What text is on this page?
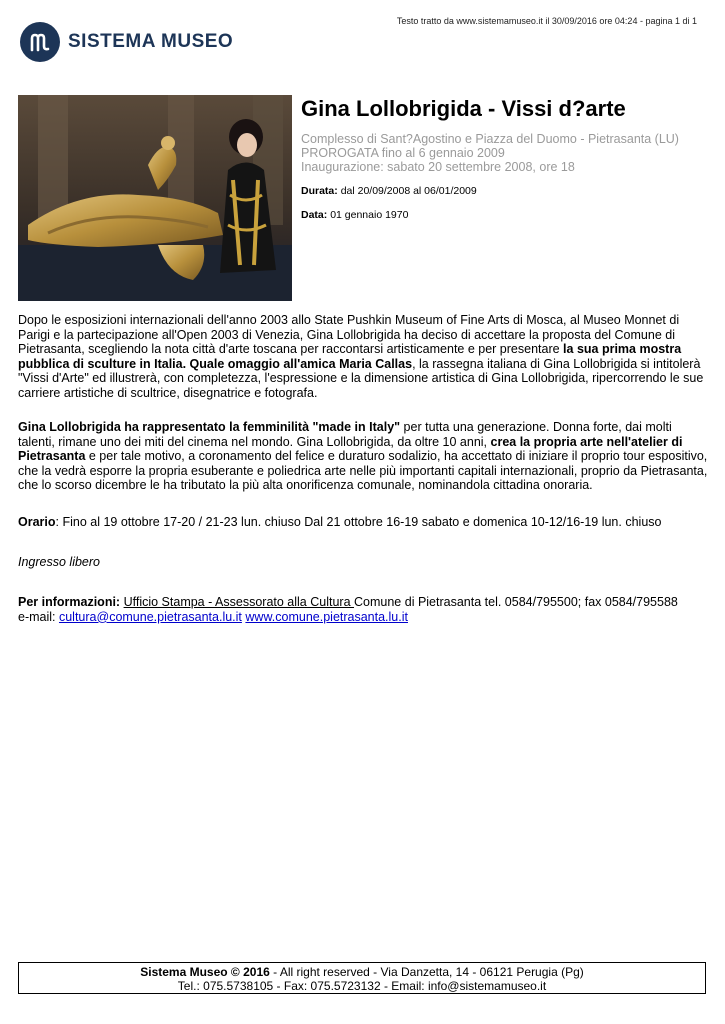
Testo tratto da www.sistemamuseo.it il 30/09/2016 ore 04:24 - pagina 1 di 1
SISTEMA MUSEO
Gina Lollobrigida - Vissi d?arte
Complesso di Sant?Agostino e Piazza del Duomo - Pietrasanta (LU)
PROROGATA fino al 6 gennaio 2009
Inaugurazione: sabato 20 settembre 2008, ore 18
Durata: dal 20/09/2008 al 06/01/2009
Data: 01 gennaio 1970

Dopo le esposizioni internazionali dell'anno 2003 allo State Pushkin Museum of Fine Arts di Mosca, al Museo Monnet di Parigi e la partecipazione all'Open 2003 di Venezia, Gina Lollobrigida ha deciso di accettare la proposta del Comune di Pietrasanta, scegliendo la nota città d'arte toscana per raccontarsi artisticamente e per presentare la sua prima mostra pubblica di sculture in Italia. Quale omaggio all'amica Maria Callas, la rassegna italiana di Gina Lollobrigida si intitolerà "Vissi d'Arte" ed illustrerà, con completezza, l'espressione e la dimensione artistica di Gina Lollobrigida, ripercorrendo le sue carriere artistiche di scultrice, disegnatrice e fotografa.

Gina Lollobrigida ha rappresentato la femminilità "made in Italy" per tutta una generazione. Donna forte, dai molti talenti, rimane uno dei miti del cinema nel mondo. Gina Lollobrigida, da oltre 10 anni, crea la propria arte nell'atelier di Pietrasanta e per tale motivo, a coronamento del felice e duraturo sodalizio, ha accettato di iniziare il proprio tour espositivo, che la vedrà esporre la propria esuberante e poliedrica arte nelle più importanti capitali internazionali, proprio da Pietrasanta, che lo scorso dicembre le ha tributato la più alta onorificenza comunale, nominandola cittadina onoraria.

Orario: Fino al 19 ottobre 17-20 / 21-23 lun. chiuso Dal 21 ottobre 16-19 sabato e domenica 10-12/16-19 lun. chiuso

Ingresso libero

Per informazioni: Ufficio Stampa - Assessorato alla Cultura Comune di Pietrasanta tel. 0584/795500; fax 0584/795588
e-mail: cultura@comune.pietrasanta.lu.it www.comune.pietrasanta.lu.it

Sistema Museo © 2016 - All right reserved - Via Danzetta, 14 - 06121 Perugia (Pg)
Tel.: 075.5738105 - Fax: 075.5723132 - Email: info@sistemamuseo.it
